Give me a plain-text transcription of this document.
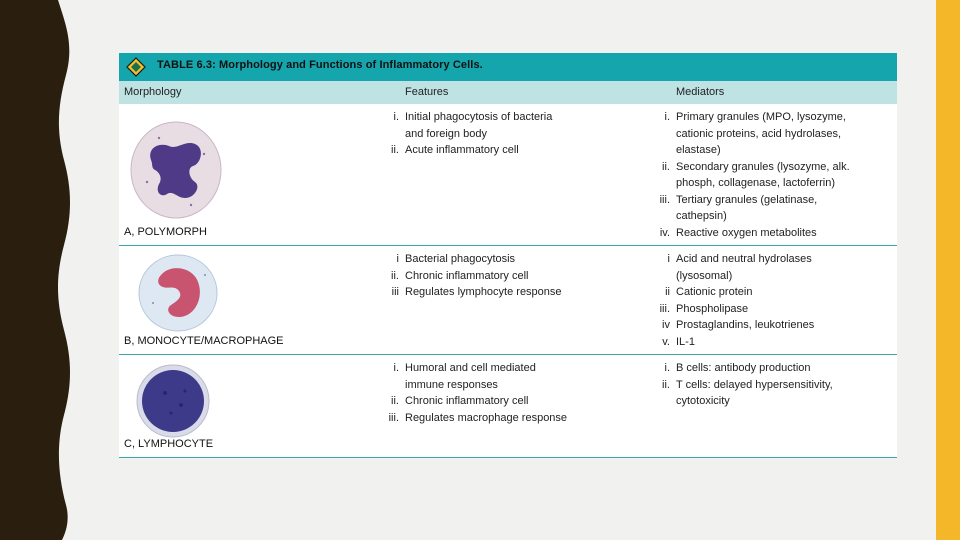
TABLE 6.3: Morphology and Functions of Inflammatory Cells.
Morphology	Features	Mediators
A, POLYMORPH
i. Initial phagocytosis of bacteria
and foreign body
ii. Acute inflammatory cell
i. Primary granules (MPO, lysozyme,
cationic proteins, acid hydrolases,
elastase)
ii. Secondary granules (lysozyme, alk.
phosph, collagenase, lactoferrin)
iii. Tertiary granules (gelatinase,
cathepsin)
iv. Reactive oxygen metabolites
B, MONOCYTE/MACROPHAGE
i Bacterial phagocytosis
ii. Chronic inflammatory cell
iii Regulates lymphocyte response
i Acid and neutral hydrolases
(lysosomal)
ii Cationic protein
iii. Phospholipase
iv Prostaglandins, leukotrienes
v. IL-1
C, LYMPHOCYTE
i. Humoral and cell mediated
immune responses
ii. Chronic inflammatory cell
iii. Regulates macrophage response
i. B cells: antibody production
ii. T cells: delayed hypersensitivity,
cytotoxicity
